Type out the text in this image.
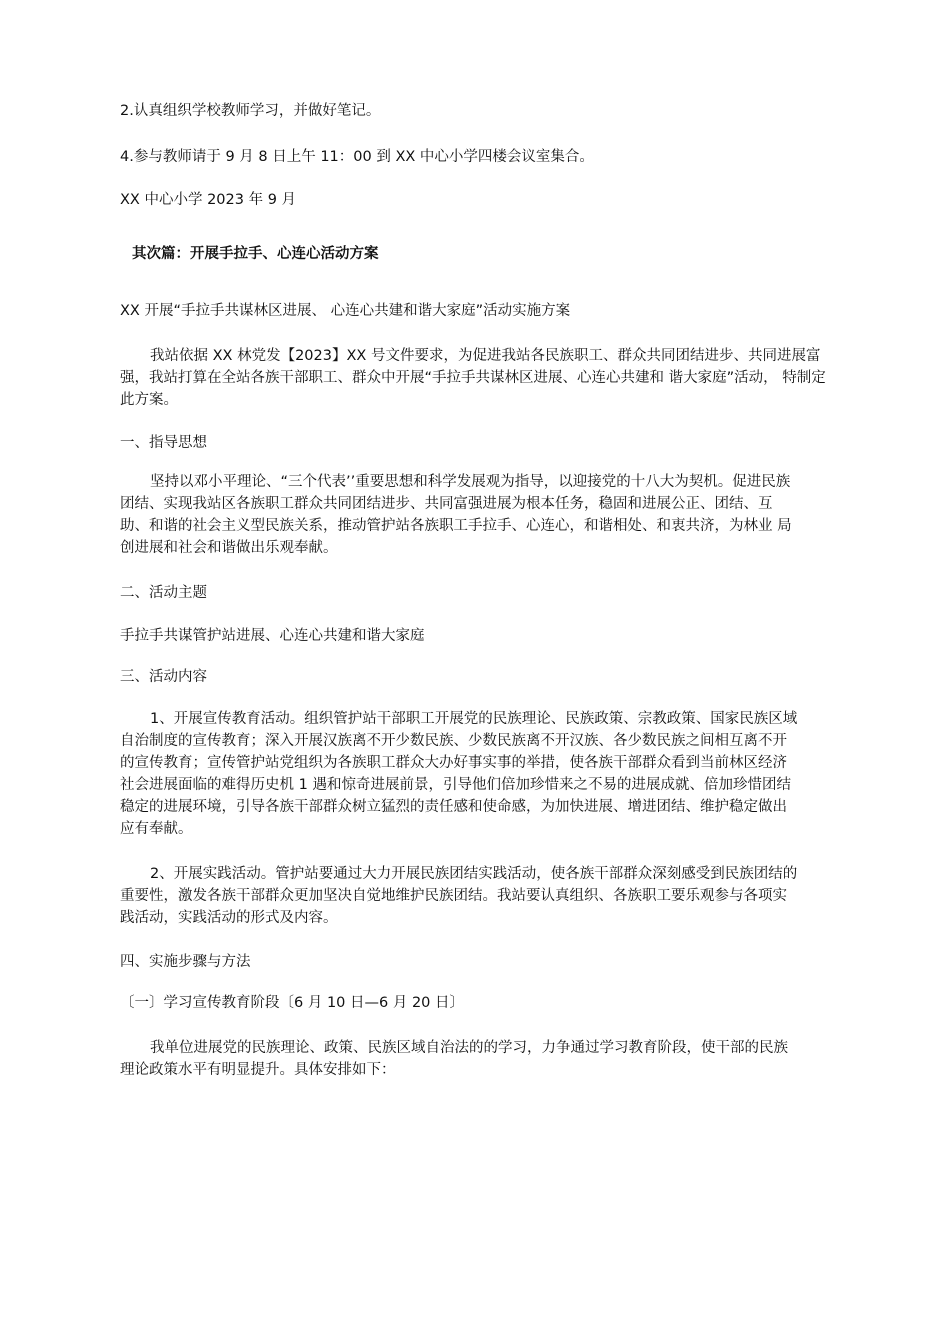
2.认真组织学校教师学习，并做好笔记。

4.参与教师请于 9 月 8 日上午 11：00 到 XX 中心小学四楼会议室集合。

XX 中心小学 2023 年 9 月

其次篇：开展手拉手、心连心活动方案

XX 开展“手拉手共谋林区进展、 心连心共建和谐大家庭”活动实施方案

我站依据 XX 林党发【2023】XX 号文件要求，为促进我站各民族职工、群众共同团结进步、共同进展富
强，我站打算在全站各族干部职工、群众中开展“手拉手共谋林区进展、心连心共建和 谐大家庭”活动， 特制定
此方案。

一、指导思想

坚持以邓小平理论、“三个代表’’重要思想和科学发展观为指导，以迎接党的十八大为契机。促进民族
团结、实现我站区各族职工群众共同团结进步、共同富强进展为根本任务，稳固和进展公正、团结、互
助、和谐的社会主义型民族关系，推动管护站各族职工手拉手、心连心，和谐相处、和衷共济，为林业 局
创进展和社会和谐做出乐观奉献。

二、活动主题

手拉手共谋管护站进展、心连心共建和谐大家庭

三、活动内容

1、开展宣传教育活动。组织管护站干部职工开展党的民族理论、民族政策、宗教政策、国家民族区域
自治制度的宣传教育；深入开展汉族离不开少数民族、少数民族离不开汉族、各少数民族之间相互离不开
的宣传教育；宣传管护站党组织为各族职工群众大办好事实事的举措，使各族干部群众看到当前林区经济
社会进展面临的难得历史机 1 遇和惊奇进展前景，引导他们倍加珍惜来之不易的进展成就、倍加珍惜团结
稳定的进展环境，引导各族干部群众树立猛烈的责任感和使命感，为加快进展、增进团结、维护稳定做出
应有奉献。
2、开展实践活动。管护站要通过大力开展民族团结实践活动，使各族干部群众深刻感受到民族团结的
重要性，激发各族干部群众更加坚决自觉地维护民族团结。我站要认真组织、各族职工要乐观参与各项实
践活动，实践活动的形式及内容。

四、实施步骤与方法

〔一〕学习宣传教育阶段〔6 月 10 日—6 月 20 日〕

我单位进展党的民族理论、政策、民族区域自治法的的学习，力争通过学习教育阶段，使干部的民族
理论政策水平有明显提升。具体安排如下：
